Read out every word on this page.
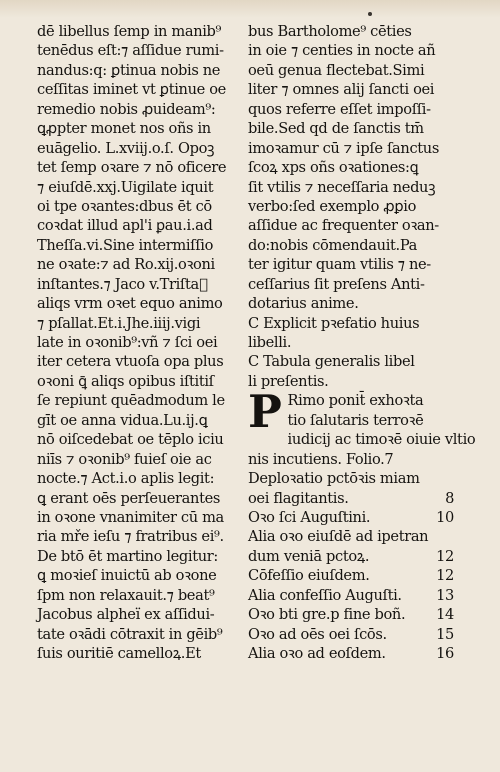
dē libellus ſemp in manib⁹
tenēdus eſt:⁊ aſſidue rumi-
nandus:q: ꝑtinua nobis ne
ceſſitas iminet vt ꝑtinue oe
remedio nobis ꝓuideam⁹:
ꝗꝓpter monet nos oñs in
euāgelio. L.xviij.o.ſ. Opoꝫ
tet ſemp oꝛare ⁊ nō oficere
⁊ eiuſdē.xxj.Uigilate iquit
oi tpe oꝛantes:dbus ēt cō
coꝛdat illud apl'i ꝑau.i.ad
Theſſa.vi.Sine intermiſſio
ne oꝛate:⁊ ad Ro.xij.oꝛoni
inſtantes.⁊ Jaco v.Triſtaᷓ
aliqs vrm oꝛet equo animo
⁊ pſallat.Et.i.Jhe.iiij.vigi
late in oꝛonib⁹:vñ ⁊ ſci oei
iter cetera vtuoſa opa plus
oꝛoni ꝗ̄ aliqs opibus iſtitiſ
ſe repiunt quēadmodum le
gīt oe anna vidua.Lu.ij.ꝗ
nō oiſcedebat oe tēplo iciu
niīs ⁊ oꝛonib⁹ fuieſ oie ac
nocte.⁊ Act.i.o aplis legit:
ꝗ erant oēs perſeuerantes
in oꝛone vnanimiter cū ma
ria mře ieſu ⁊ fratribus ei⁹.
De btō ēt martino legitur:
ꝗ moꝛieſ inuictū ab oꝛone
ſpm non relaxauit.⁊ beat⁹
Jacobus alpheï ex aſſidui-
tate oꝛādi cōtraxit in gēib⁹
ſuis ouritiē camelloꝝ.Et
bus Bartholome⁹ cēties
in oie ⁊ centies in nocte añ
oeū genua flectebat.Simi
liter ⁊ omnes alij ſancti oei
quos referre eſſet impoſſi-
bile.Sed qd de ſanctis tm̄
imoꝛamur cū ⁊ ipſe ſanctus
ſcoꝝ xps oñs oꝛationes:ꝗ
ſit vtilis ⁊ neceſſaria neduꝫ
verbo:ſed exemplo ꝓꝑio
aſſidue ac frequenter oꝛan-
do:nobis cōmendauit.Pa
ter igitur quam vtilis ⁊ ne-
ceſſarius ſit preſens Anti-
dotarius anime.
C Explicit pꝛefatio huius
libelli.
C Tabula generalis libel
li preſentis.
P Rimo ponit̄ exhoꝛta
tio ſalutaris terroꝛē
iudicij ac timoꝛē oiuie vltio
nis incutiens. Folio.7
Deploꝛatio pctōꝛis miam
oei flagitantis.	8
Oꝛo ſci Auguſtini.	10
Alia oꝛo eiuſdē ad ipetran
dum veniā pctoꝝ.	12
Cōfeſſio eiuſdem.	12
Alia confeſſio Auguſti.	13
Oꝛo bti gre.p fine boñ.	14
Oꝛo ad oēs oei ſcōs.	15
Alia oꝛo ad eoſdem.	16
